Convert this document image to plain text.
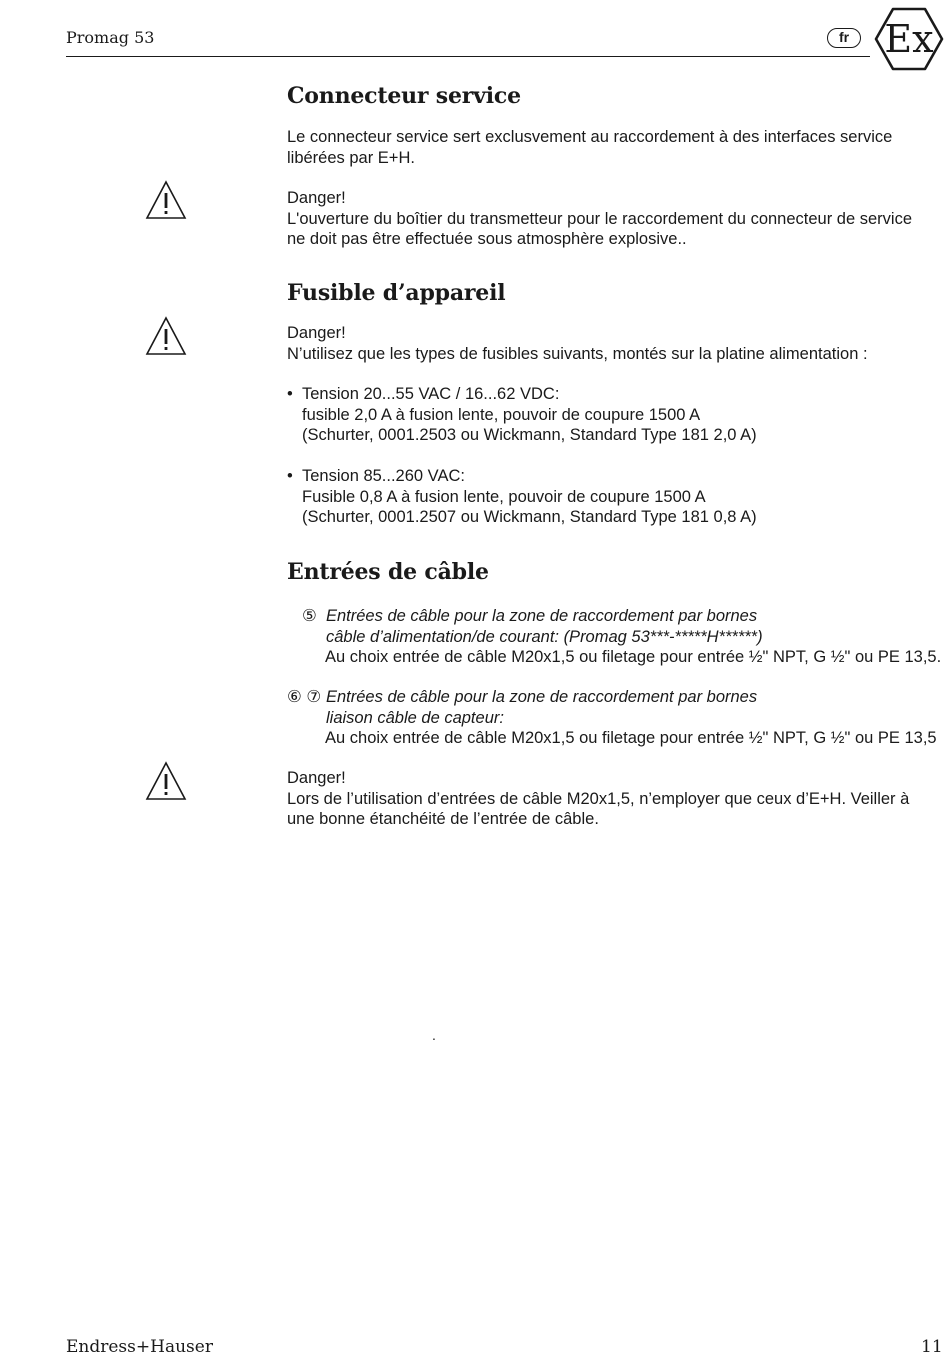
Promag 53	fr Ex
Connecteur service
Le connecteur service sert exclusvement au raccordement à des interfaces service
libérées par E+H.
Danger!
L'ouverture du boîtier du transmetteur pour le raccordement du connecteur de service
ne doit pas être effectuée sous atmosphère explosive..
Fusible d’appareil
Danger!
N’utilisez que les types de fusibles suivants, montés sur la platine alimentation :
• Tension 20...55 VAC / 16...62 VDC:
fusible 2,0 A à fusion lente, pouvoir de coupure 1500 A
(Schurter, 0001.2503 ou Wickmann, Standard Type 181 2,0 A)
• Tension 85...260 VAC:
Fusible 0,8 A à fusion lente, pouvoir de coupure 1500 A
(Schurter, 0001.2507 ou Wickmann, Standard Type 181 0,8 A)
Entrées de câble
⑤ Entrées de câble pour la zone de raccordement par bornes
câble d’alimentation/de courant: (Promag 53***-*****H******)
Au choix entrée de câble M20x1,5 ou filetage pour entrée ½" NPT, G ½" ou PE 13,5.
⑥ ⑦ Entrées de câble pour la zone de raccordement par bornes
liaison câble de capteur:
Au choix entrée de câble M20x1,5 ou filetage pour entrée ½" NPT, G ½" ou PE 13,5
Danger!
Lors de l’utilisation d’entrées de câble M20x1,5, n’employer que ceux d’E+H. Veiller à
une bonne étanchéité de l’entrée de câble.
.
Endress+Hauser	11
